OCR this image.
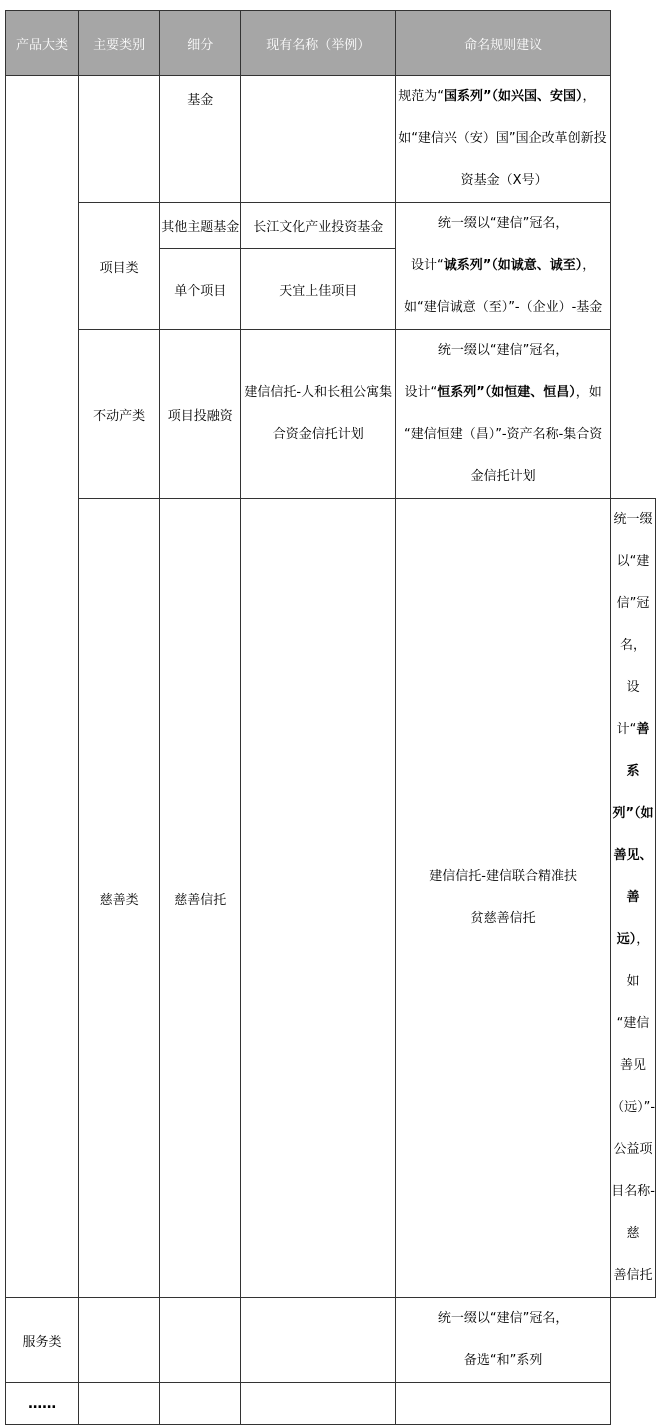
产品大类	主要类别	细分	现有名称（举例）	命名规则建议	
		基金		规范为“国系列”（如兴国、安国），
如“建信兴（安）国”国企改革创新投
资基金（X号）	

	项目类	其他主题基金	长江文化产业投资基金	统一缀以“建信”冠名，
设计“诚系列”（如诚意、诚至），
如“建信诚意（至）”-（企业）-基金	

		单个项目	天宜上佳项目		
	不动产类	项目投融资	建信信托-人和长租公寓集
合资金信托计划	统一缀以“建信”冠名，
设计“恒系列”（如恒建、恒昌），如
“建信恒建（昌）”-资产名称-集合资
金信托计划	

	慈善类	慈善信托		建信信托-建信联合精准扶
贫慈善信托	统一缀以“建信”冠名，
设计“善系列”（如善见、善远），如
“建信善见（远）”-公益项目名称-慈
善信托

服务类				统一缀以“建信”冠名，
备选“和”系列	

……					
